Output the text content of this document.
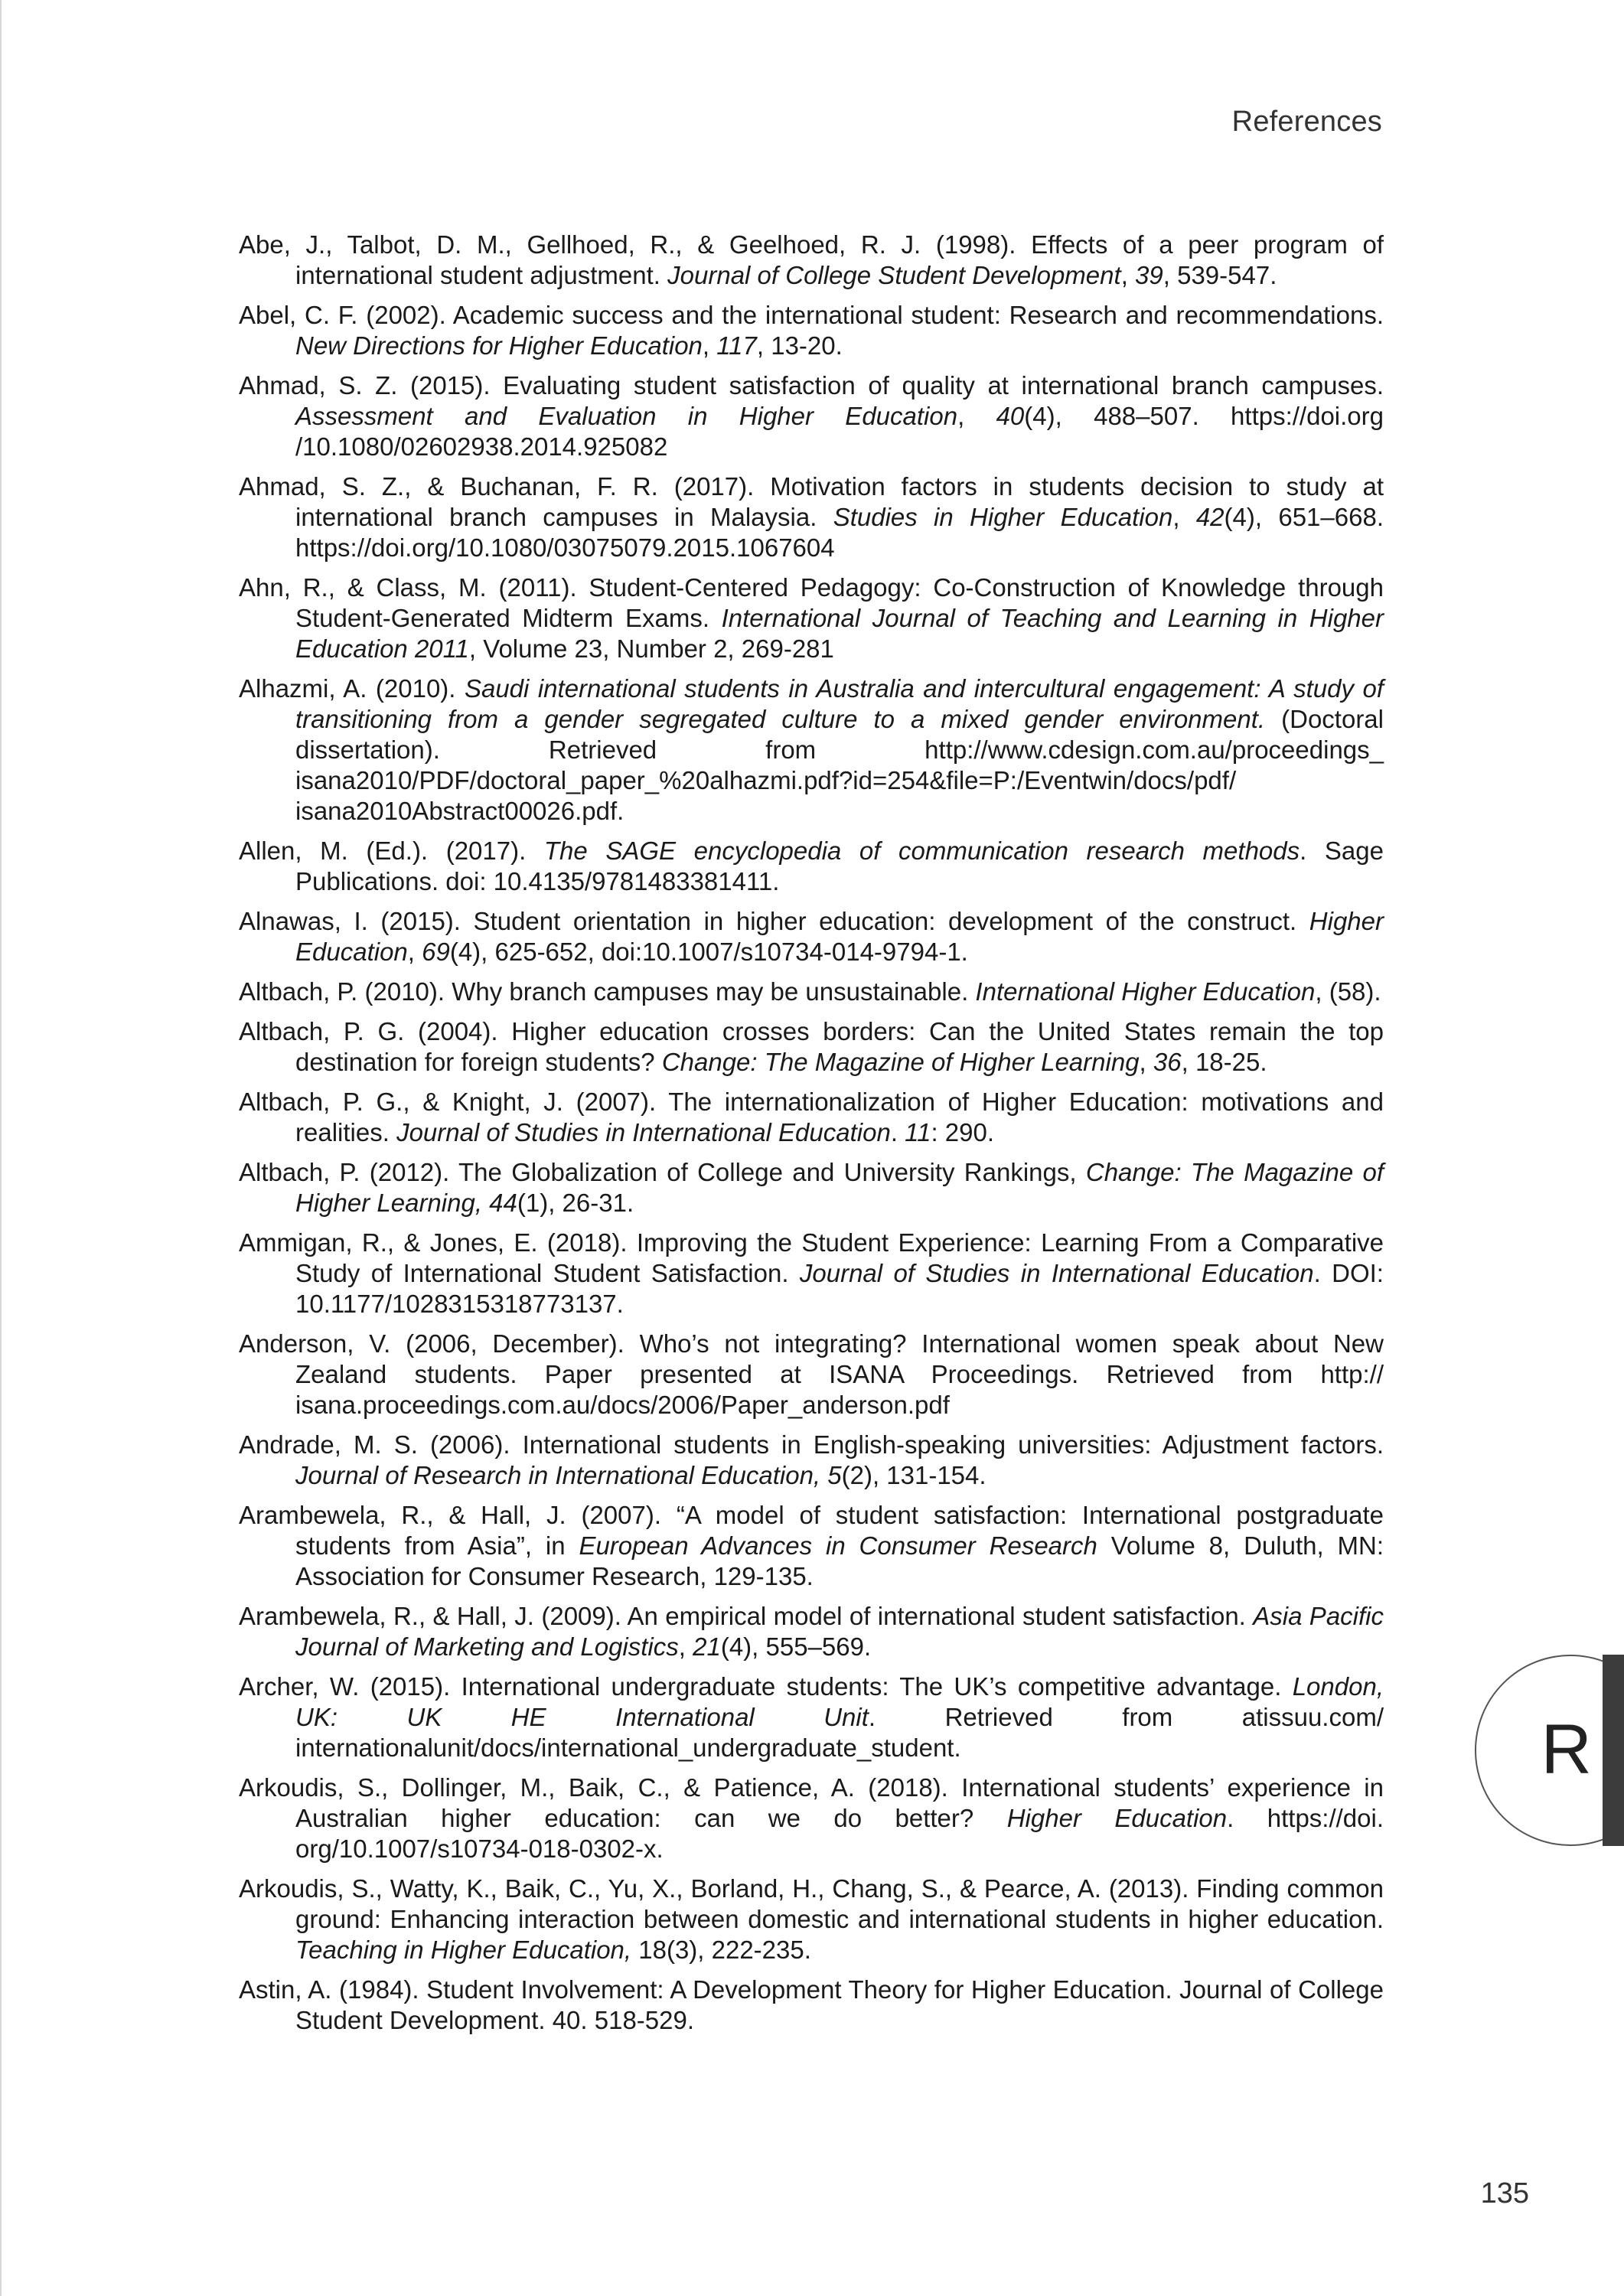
References

Abe, J., Talbot, D. M., Gellhoed, R., & Geelhoed, R. J. (1998). Effects of a peer program of international student adjustment. Journal of College Student Development, 39, 539-547.

Abel, C. F. (2002). Academic success and the international student: Research and recommendations. New Directions for Higher Education, 117, 13-20.

Ahmad, S. Z. (2015). Evaluating student satisfaction of quality at international branch campuses. Assessment and Evaluation in Higher Education, 40(4), 488–507. https://doi.org /10.1080/02602938.2014.925082

Ahmad, S. Z., & Buchanan, F. R. (2017). Motivation factors in students decision to study at international branch campuses in Malaysia. Studies in Higher Education, 42(4), 651–668. https://doi.org/10.1080/03075079.2015.1067604

Ahn, R., & Class, M. (2011). Student-Centered Pedagogy: Co-Construction of Knowledge through Student-Generated Midterm Exams. International Journal of Teaching and Learning in Higher Education 2011, Volume 23, Number 2, 269-281

Alhazmi, A. (2010). Saudi international students in Australia and intercultural engagement: A study of transitioning from a gender segregated culture to a mixed gender environment. (Doctoral dissertation). Retrieved from http://www.cdesign.com.au/proceedings_ isana2010/PDF/doctoral_paper_%20alhazmi.pdf?id=254&file=P:/Eventwin/docs/pdf/ isana2010Abstract00026.pdf.

Allen, M. (Ed.). (2017). The SAGE encyclopedia of communication research methods. Sage Publications. doi: 10.4135/9781483381411.

Alnawas, I. (2015). Student orientation in higher education: development of the construct. Higher Education, 69(4), 625-652, doi:10.1007/s10734-014-9794-1.

Altbach, P. (2010). Why branch campuses may be unsustainable. International Higher Education, (58).

Altbach, P. G. (2004). Higher education crosses borders: Can the United States remain the top destination for foreign students? Change: The Magazine of Higher Learning, 36, 18-25.

Altbach, P. G., & Knight, J. (2007). The internationalization of Higher Education: motivations and realities. Journal of Studies in International Education. 11: 290.

Altbach, P. (2012). The Globalization of College and University Rankings, Change: The Magazine of Higher Learning, 44(1), 26-31.

Ammigan, R., & Jones, E. (2018). Improving the Student Experience: Learning From a Comparative Study of International Student Satisfaction. Journal of Studies in International Education. DOI: 10.1177/1028315318773137.

Anderson, V. (2006, December). Who’s not integrating? International women speak about New Zealand students. Paper presented at ISANA Proceedings. Retrieved from http:// isana.proceedings.com.au/docs/2006/Paper_anderson.pdf

Andrade, M. S. (2006). International students in English-speaking universities: Adjustment factors. Journal of Research in International Education, 5(2), 131-154.

Arambewela, R., & Hall, J. (2007). “A model of student satisfaction: International postgraduate students from Asia”, in European Advances in Consumer Research Volume 8, Duluth, MN: Association for Consumer Research, 129-135.

Arambewela, R., & Hall, J. (2009). An empirical model of international student satisfaction. Asia Pacific Journal of Marketing and Logistics, 21(4), 555–569.

Archer, W. (2015). International undergraduate students: The UK’s competitive advantage. London, UK: UK HE International Unit. Retrieved from atissuu.com/ internationalunit/docs/international_undergraduate_student.

Arkoudis, S., Dollinger, M., Baik, C., & Patience, A. (2018). International students’ experience in Australian higher education: can we do better? Higher Education. https://doi. org/10.1007/s10734-018-0302-x.

Arkoudis, S., Watty, K., Baik, C., Yu, X., Borland, H., Chang, S., & Pearce, A. (2013). Finding common ground: Enhancing interaction between domestic and international students in higher education. Teaching in Higher Education, 18(3), 222-235.

Astin, A. (1984). Student Involvement: A Development Theory for Higher Education. Journal of College Student Development. 40. 518-529.

R
135
